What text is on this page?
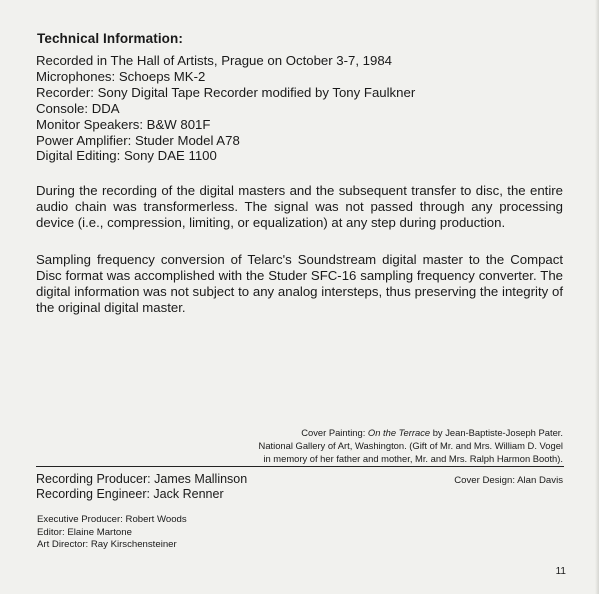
Technical Information:
Recorded in The Hall of Artists, Prague on October 3-7, 1984
Microphones: Schoeps MK-2
Recorder: Sony Digital Tape Recorder modified by Tony Faulkner
Console: DDA
Monitor Speakers: B&W 801F
Power Amplifier: Studer Model A78
Digital Editing: Sony DAE 1100

During the recording of the digital masters and the subsequent transfer to disc, the entire audio chain was transformerless. The signal was not passed through any processing device (i.e., compression, limiting, or equalization) at any step during production.

Sampling frequency conversion of Telarc's Soundstream digital master to the Compact Disc format was accomplished with the Studer SFC-16 sampling frequency converter. The digital information was not subject to any analog intersteps, thus preserving the integrity of the original digital master.

Cover Painting: On the Terrace by Jean-Baptiste-Joseph Pater.
National Gallery of Art, Washington. (Gift of Mr. and Mrs. William D. Vogel
in memory of her father and mother, Mr. and Mrs. Ralph Harmon Booth).
Recording Producer: James Mallinson
Recording Engineer: Jack Renner
Cover Design: Alan Davis
Executive Producer: Robert Woods
Editor: Elaine Martone
Art Director: Ray Kirschensteiner
11
